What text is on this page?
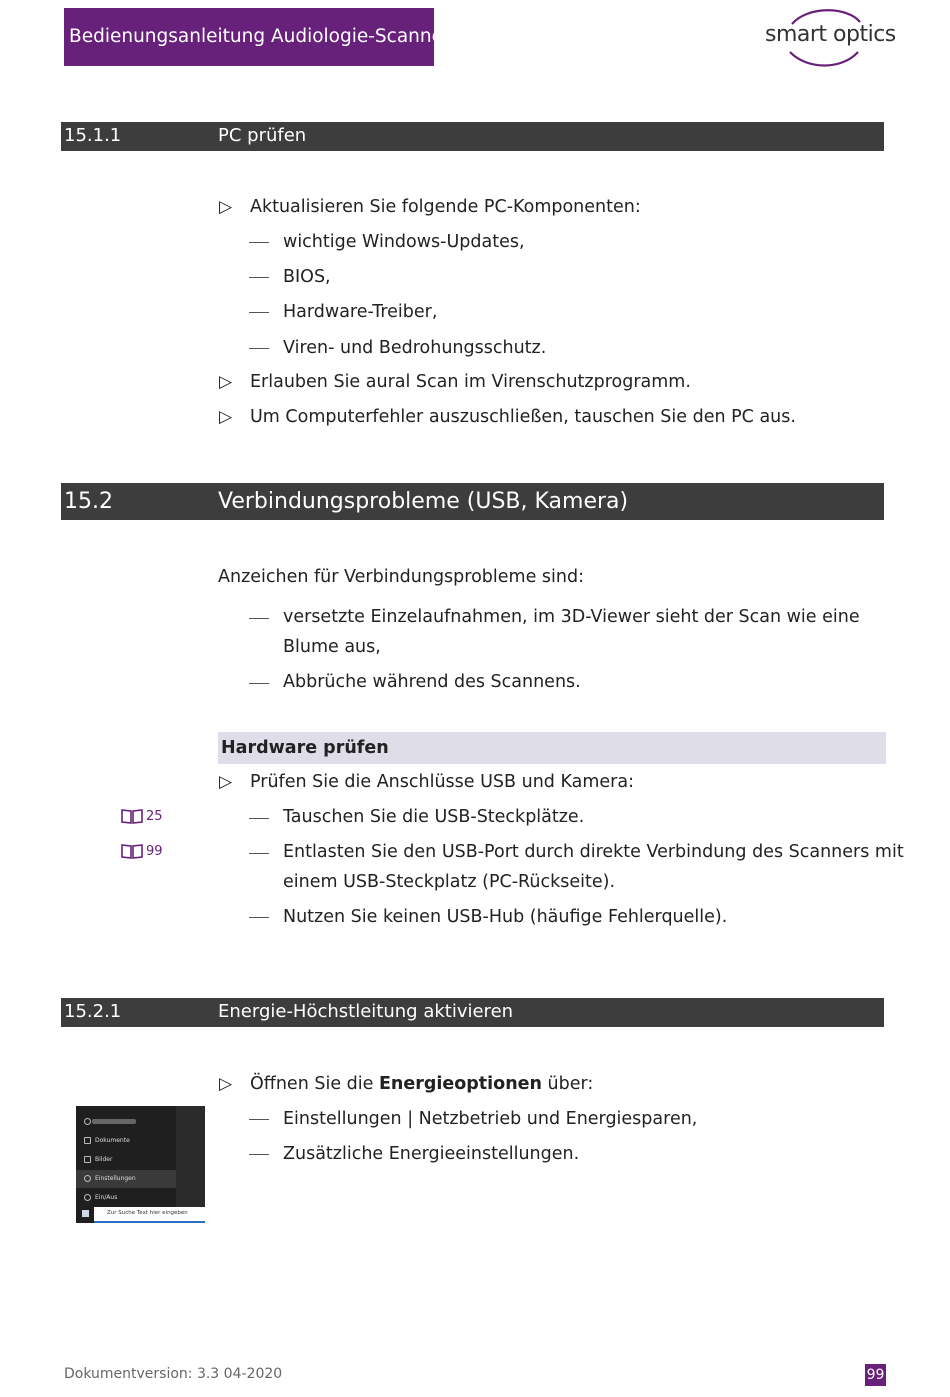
Bedienungsanleitung Audiologie-Scanner	smart optics
15.1.1	PC prüfen
▷ Aktualisieren Sie folgende PC-Komponenten:
wichtige Windows-Updates,
BIOS,
Hardware-Treiber,
Viren- und Bedrohungsschutz.
▷ Erlauben Sie aural Scan im Virenschutzprogramm.
▷ Um Computerfehler auszuschließen, tauschen Sie den PC aus.
15.2	Verbindungsprobleme (USB, Kamera)
Anzeichen für Verbindungsprobleme sind:
versetzte Einzelaufnahmen, im 3D-Viewer sieht der Scan wie eine
Blume aus,
Abbrüche während des Scannens.
Hardware prüfen
▷ Prüfen Sie die Anschlüsse USB und Kamera:
25	Tauschen Sie die USB-Steckplätze.
99	Entlasten Sie den USB-Port durch direkte Verbindung des Scanners mit
einem USB-Steckplatz (PC-Rückseite).
Nutzen Sie keinen USB-Hub (häufige Fehlerquelle).
15.2.1	Energie-Höchstleitung aktivieren
▷ Öffnen Sie die Energieoptionen über:
Einstellungen | Netzbetrieb und Energiesparen,
Zusätzliche Energieeinstellungen.
Dokumente
Bilder
Einstellungen
Ein/Aus
Zur Suche Text hier eingeben
Dokumentversion: 3.3 04-2020	99
